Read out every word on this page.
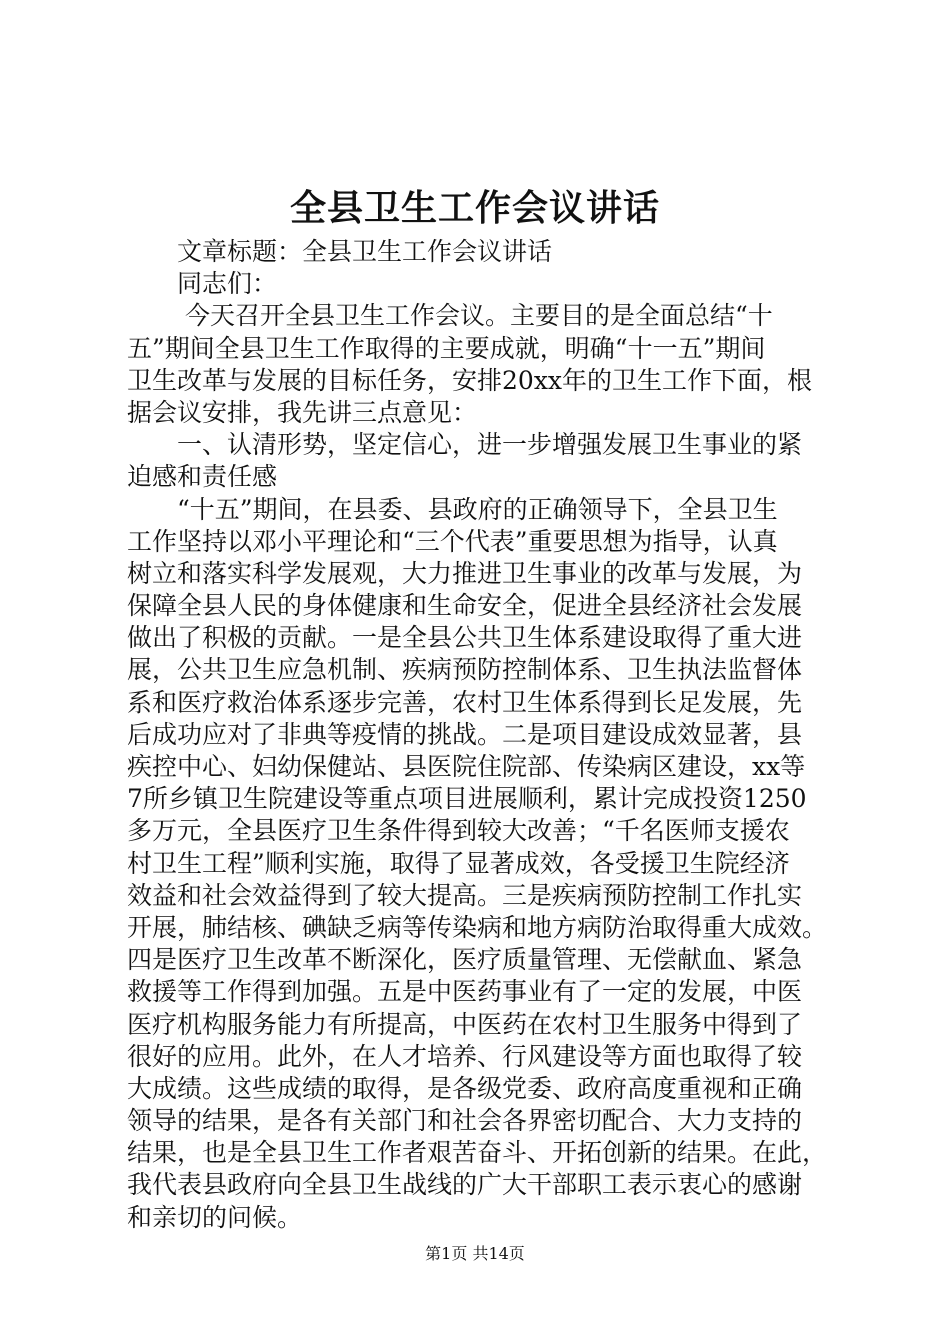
全县卫生工作会议讲话
　　文章标题：全县卫生工作会议讲话
　　同志们：
　　 今天召开全县卫生工作会议。主要目的是全面总结“十
五”期间全县卫生工作取得的主要成就，明确“十一五”期间
卫生改革与发展的目标任务，安排20xx年的卫生工作下面，根
据会议安排，我先讲三点意见：
　　一、认清形势，坚定信心，进一步增强发展卫生事业的紧
迫感和责任感
　　“十五”期间，在县委、县政府的正确领导下，全县卫生
工作坚持以邓小平理论和“三个代表”重要思想为指导，认真
树立和落实科学发展观，大力推进卫生事业的改革与发展，为
保障全县人民的身体健康和生命安全，促进全县经济社会发展
做出了积极的贡献。一是全县公共卫生体系建设取得了重大进
展，公共卫生应急机制、疾病预防控制体系、卫生执法监督体
系和医疗救治体系逐步完善，农村卫生体系得到长足发展，先
后成功应对了非典等疫情的挑战。二是项目建设成效显著，县
疾控中心、妇幼保健站、县医院住院部、传染病区建设，xx等
7所乡镇卫生院建设等重点项目进展顺利，累计完成投资1250
多万元，全县医疗卫生条件得到较大改善；“千名医师支援农
村卫生工程”顺利实施，取得了显著成效，各受援卫生院经济
效益和社会效益得到了较大提高。三是疾病预防控制工作扎实
开展，肺结核、碘缺乏病等传染病和地方病防治取得重大成效。
四是医疗卫生改革不断深化，医疗质量管理、无偿献血、紧急
救援等工作得到加强。五是中医药事业有了一定的发展，中医
医疗机构服务能力有所提高，中医药在农村卫生服务中得到了
很好的应用。此外，在人才培养、行风建设等方面也取得了较
大成绩。这些成绩的取得，是各级党委、政府高度重视和正确
领导的结果，是各有关部门和社会各界密切配合、大力支持的
结果，也是全县卫生工作者艰苦奋斗、开拓创新的结果。在此，
我代表县政府向全县卫生战线的广大干部职工表示衷心的感谢
和亲切的问候。
第1页 共14页
